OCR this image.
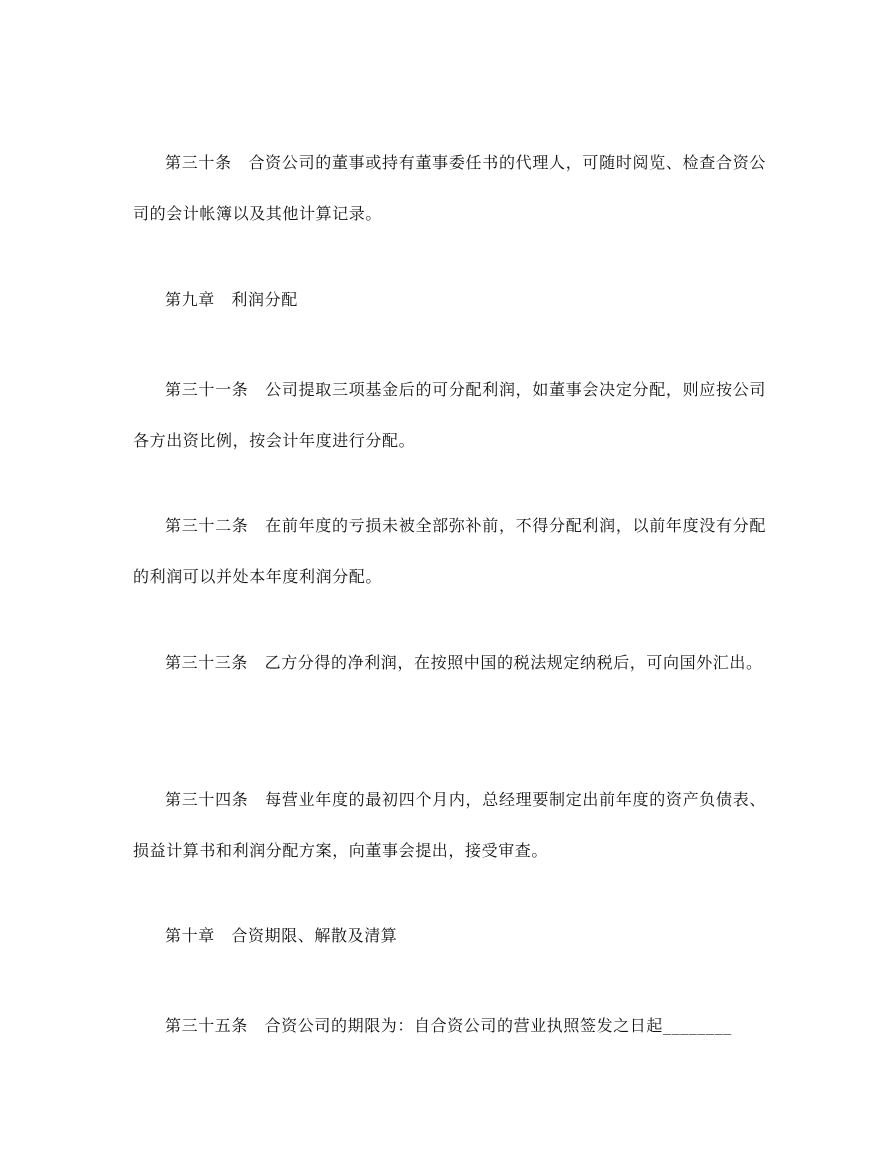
第三十条　合资公司的董事或持有董事委任书的代理人，可随时阅览、检查合资公司的会计帐簿以及其他计算记录。

第九章　利润分配

第三十一条　公司提取三项基金后的可分配利润，如董事会决定分配，则应按公司各方出资比例，按会计年度进行分配。

第三十二条　在前年度的亏损未被全部弥补前，不得分配利润，以前年度没有分配的利润可以并处本年度利润分配。

第三十三条　乙方分得的净利润，在按照中国的税法规定纳税后，可向国外汇出。

第三十四条　每营业年度的最初四个月内，总经理要制定出前年度的资产负债表、损益计算书和利润分配方案，向董事会提出，接受审查。

第十章　合资期限、解散及清算

第三十五条　合资公司的期限为：自合资公司的营业执照签发之日起________
